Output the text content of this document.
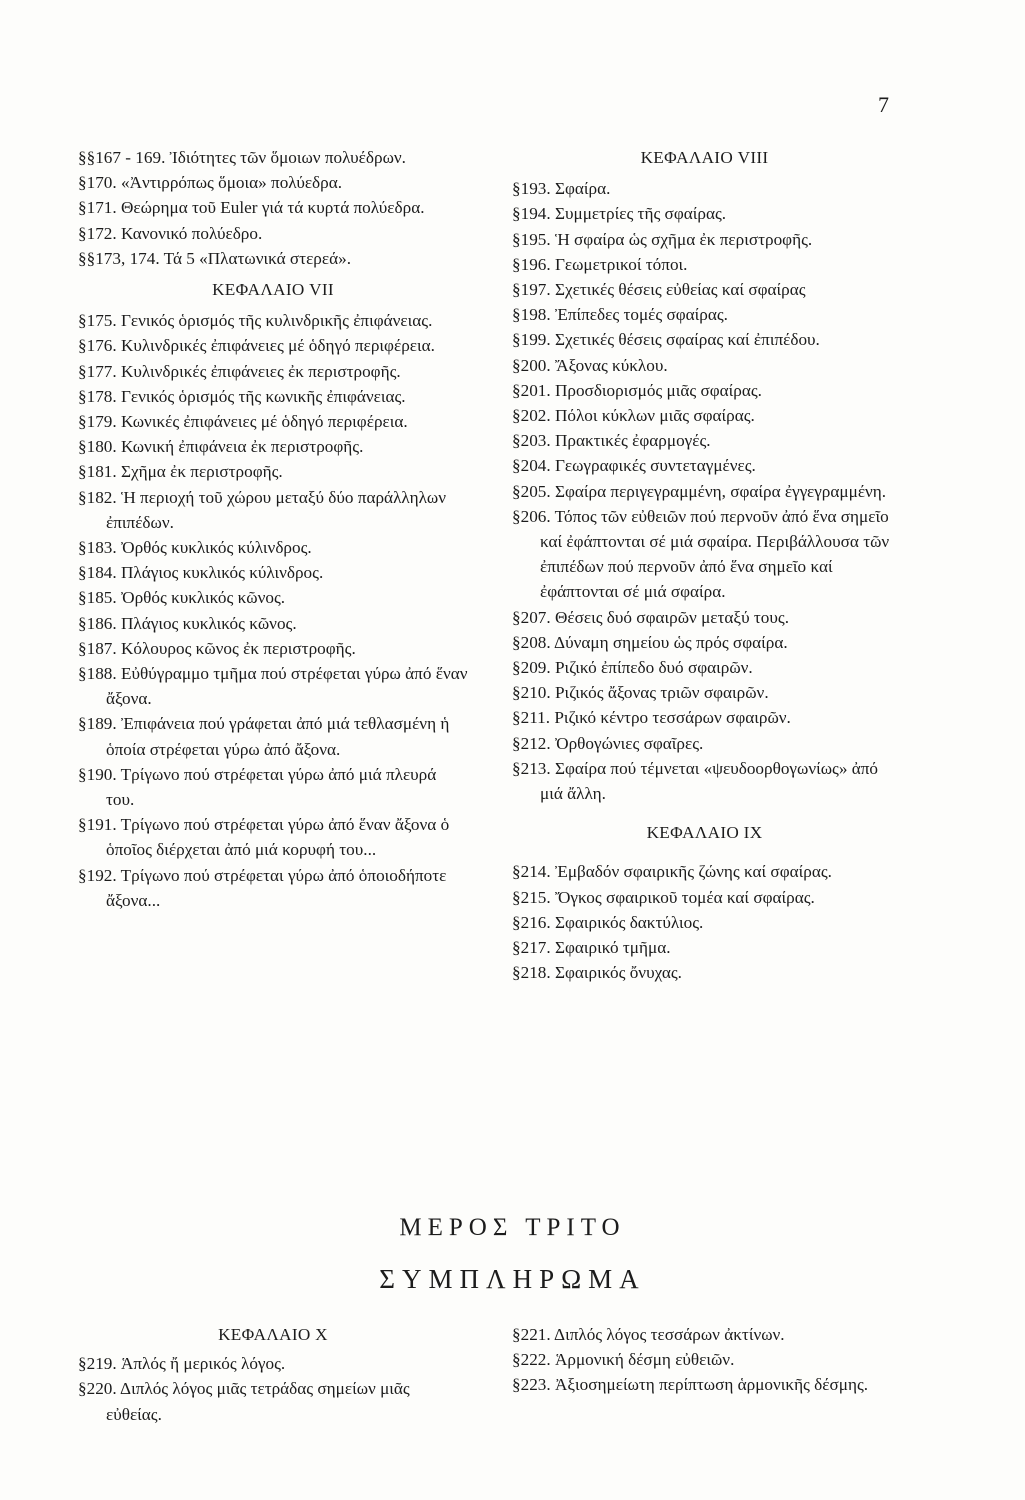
7

§§167 - 169. Ἰδιότητες τῶν ὅμοιων πολυέδρων.

§170. «Ἀντιρρόπως ὅμοια» πολύεδρα.

§171. Θεώρημα τοῦ Euler γιά τά κυρτά πολύεδρα.

§172. Κανονικό πολύεδρο.

§§173, 174. Τά 5 «Πλατωνικά στερεά».

ΚΕΦΑΛΑΙΟ VII

§175. Γενικός ὁρισμός τῆς κυλινδρικῆς ἐπιφάνειας.

§176. Κυλινδρικές ἐπιφάνειες μέ ὁδηγό περιφέρεια.

§177. Κυλινδρικές ἐπιφάνειες ἐκ περιστροφῆς.

§178. Γενικός ὁρισμός τῆς κωνικῆς ἐπιφάνειας.

§179. Κωνικές ἐπιφάνειες μέ ὁδηγό περιφέρεια.

§180. Κωνική ἐπιφάνεια ἐκ περιστροφῆς.

§181. Σχῆμα ἐκ περιστροφῆς.

§182. Ἡ περιοχή τοῦ χώρου μεταξύ δύο παράλληλων ἐπιπέδων.

§183. Ὀρθός κυκλικός κύλινδρος.

§184. Πλάγιος κυκλικός κύλινδρος.

§185. Ὀρθός κυκλικός κῶνος.

§186. Πλάγιος κυκλικός κῶνος.

§187. Κόλουρος κῶνος ἐκ περιστροφῆς.

§188. Εὐθύγραμμο τμῆμα πού στρέφεται γύρω ἀπό ἕναν ἄξονα.

§189. Ἐπιφάνεια πού γράφεται ἀπό μιά τεθλασμένη ἡ ὁποία στρέφεται γύρω ἀπό ἄξονα.

§190. Τρίγωνο πού στρέφεται γύρω ἀπό μιά πλευρά του.

§191. Τρίγωνο πού στρέφεται γύρω ἀπό ἕναν ἄξονα ὁ ὁποῖος διέρχεται ἀπό μιά κορυφή του...

§192. Τρίγωνο πού στρέφεται γύρω ἀπό ὁποιοδήποτε ἄξονα...

ΚΕΦΑΛΑΙΟ VIII

§193. Σφαίρα.

§194. Συμμετρίες τῆς σφαίρας.

§195. Ἡ σφαίρα ὡς σχῆμα ἐκ περιστροφῆς.

§196. Γεωμετρικοί τόποι.

§197. Σχετικές θέσεις εὐθείας καί σφαίρας

§198. Ἐπίπεδες τομές σφαίρας.

§199. Σχετικές θέσεις σφαίρας καί ἐπιπέδου.

§200. Ἄξονας κύκλου.

§201. Προσδιορισμός μιᾶς σφαίρας.

§202. Πόλοι κύκλων μιᾶς σφαίρας.

§203. Πρακτικές ἐφαρμογές.

§204. Γεωγραφικές συντεταγμένες.

§205. Σφαίρα περιγεγραμμένη, σφαίρα ἐγγεγραμμένη.

§206. Τόπος τῶν εὐθειῶν πού περνοῦν ἀπό ἕνα σημεῖο καί ἐφάπτονται σέ μιά σφαίρα. Περιβάλλουσα τῶν ἐπιπέδων πού περνοῦν ἀπό ἕνα σημεῖο καί ἐφάπτονται σέ μιά σφαίρα.

§207. Θέσεις δυό σφαιρῶν μεταξύ τους.

§208. Δύναμη σημείου ὡς πρός σφαίρα.

§209. Ριζικό ἐπίπεδο δυό σφαιρῶν.

§210. Ριζικός ἄξονας τριῶν σφαιρῶν.

§211. Ριζικό κέντρο τεσσάρων σφαιρῶν.

§212. Ὀρθογώνιες σφαῖρες.

§213. Σφαίρα πού τέμνεται «ψευδοορθογωνίως» ἀπό μιά ἄλλη.

ΚΕΦΑΛΑΙΟ ΙΧ

§214. Ἐμβαδόν σφαιρικῆς ζώνης καί σφαίρας.

§215. Ὄγκος σφαιρικοῦ τομέα καί σφαίρας.

§216. Σφαιρικός δακτύλιος.

§217. Σφαιρικό τμῆμα.

§218. Σφαιρικός ὄνυχας.

ΜΕΡΟΣ ΤΡΙΤΟ
ΣΥΜΠΛΗΡΩΜΑ
ΚΕΦΑΛΑΙΟ Χ

§219. Ἁπλός ἤ μερικός λόγος.

§220. Διπλός λόγος μιᾶς τετράδας σημείων μιᾶς εὐθείας.

§221. Διπλός λόγος τεσσάρων ἀκτίνων.

§222. Ἁρμονική δέσμη εὐθειῶν.

§223. Ἀξιοσημείωτη περίπτωση ἁρμονικῆς δέσμης.
